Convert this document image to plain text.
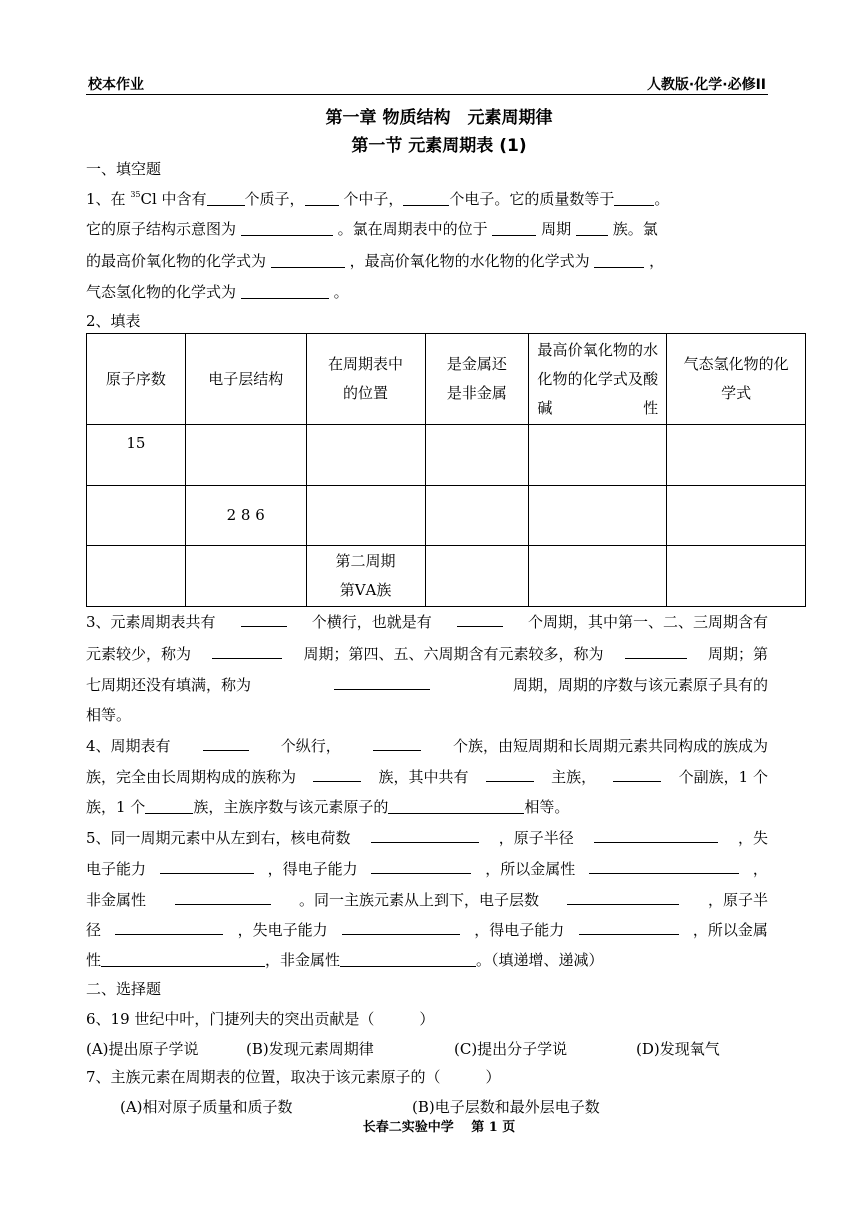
校本作业	人教版·化学·必修II
第一章 物质结构　元素周期律
第一节 元素周期表 (1)
一、填空题
1、在 $^{35}$Cl 中含有	个质子， 个中子，	个电子。它的质量数等于	。
它的原子结构示意图为	。氯在周期表中的位于	周期	族。氯
的最高价氧化物的化学式为	，最高价氧化物的水化物的化学式为	，
气态氢化物的化学式为	。
2、填表
原子序数	电子层结构	在周期表中的位置	是金属还是非金属	最高价氧化物的水化物的化学式及酸碱性	气态氢化物的化学式
15					
	2 8 6				
		第二周期第ⅤA族			
3、元素周期表共有	个横行，也就是有	个周期，其中第一、二、三周期含有
元素较少，称为	周期；第四、五、六周期含有元素较多，称为	周期；第
七周期还没有填满，称为	周期，周期的序数与该元素原子具有的
相等。
4、周期表有	个纵行，	个族，由短周期和长周期元素共同构成的族成为
族，完全由长周期构成的族称为	族，其中共有	主族，	个副族，1 个
族，1 个	族，主族序数与该元素原子的	相等。
5、同一周期元素中从左到右，核电荷数	，原子半径	，失
电子能力	，得电子能力	，所以金属性	，
非金属性	。同一主族元素从上到下，电子层数	，原子半
径	，失电子能力	，得电子能力	，所以金属
性	，非金属性	。（填递增、递减）
二、选择题
6、19 世纪中叶，门捷列夫的突出贡献是（　　　）
(A)提出原子学说	(B)发现元素周期律	(C)提出分子学说	(D)发现氧气
7、主族元素在周期表的位置，取决于该元素原子的（　　　）
(A)相对原子质量和质子数	(B)电子层数和最外层电子数
长春二实验中学　 第 1 页
